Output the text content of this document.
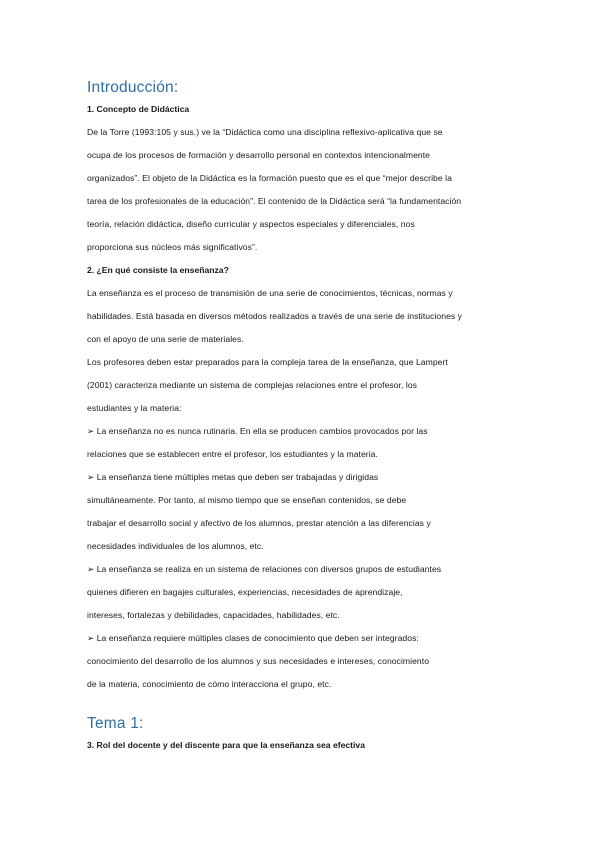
Introducción:

1. Concepto de Didáctica

De la Torre (1993:105 y sus.) ve la “Didáctica como una disciplina reflexivo-aplicativa que se

ocupa de los procesos de formación y desarrollo personal en contextos intencionalmente

organizados”. El objeto de la Didáctica es la formación puesto que es el que “mejor describe la

tarea de los profesionales de la educación”. El contenido de la Didáctica será “la fundamentación

teoría, relación didáctica, diseño curricular y aspectos especiales y diferenciales, nos

proporciona sus núcleos más significativos”.

2. ¿En qué consiste la enseñanza?

La enseñanza es el proceso de transmisión de una serie de conocimientos, técnicas, normas y

habilidades. Está basada en diversos métodos realizados a través de una serie de instituciones y

con el apoyo de una serie de materiales.

Los profesores deben estar preparados para la compleja tarea de la enseñanza, que Lampert

(2001) caracteriza mediante un sistema de complejas relaciones entre el profesor, los

estudiantes y la materia:

➢ La enseñanza no es nunca rutinaria. En ella se producen cambios provocados por las

relaciones que se establecen entre el profesor, los estudiantes y la materia.

➢ La enseñanza tiene múltiples metas que deben ser trabajadas y dirigidas

simultáneamente. Por tanto, al mismo tiempo que se enseñan contenidos, se debe

trabajar el desarrollo social y afectivo de los alumnos, prestar atención a las diferencias y

necesidades individuales de los alumnos, etc.

➢ La enseñanza se realiza en un sistema de relaciones con diversos grupos de estudiantes

quienes difieren en bagajes culturales, experiencias, necesidades de aprendizaje,

intereses, fortalezas y debilidades, capacidades, habilidades, etc.

➢ La enseñanza requiere múltiples clases de conocimiento que deben ser integrados:

conocimiento del desarrollo de los alumnos y sus necesidades e intereses, conocimiento

de la materia, conocimiento de cómo interacciona el grupo, etc.

Tema 1:

3. Rol del docente y del discente para que la enseñanza sea efectiva
